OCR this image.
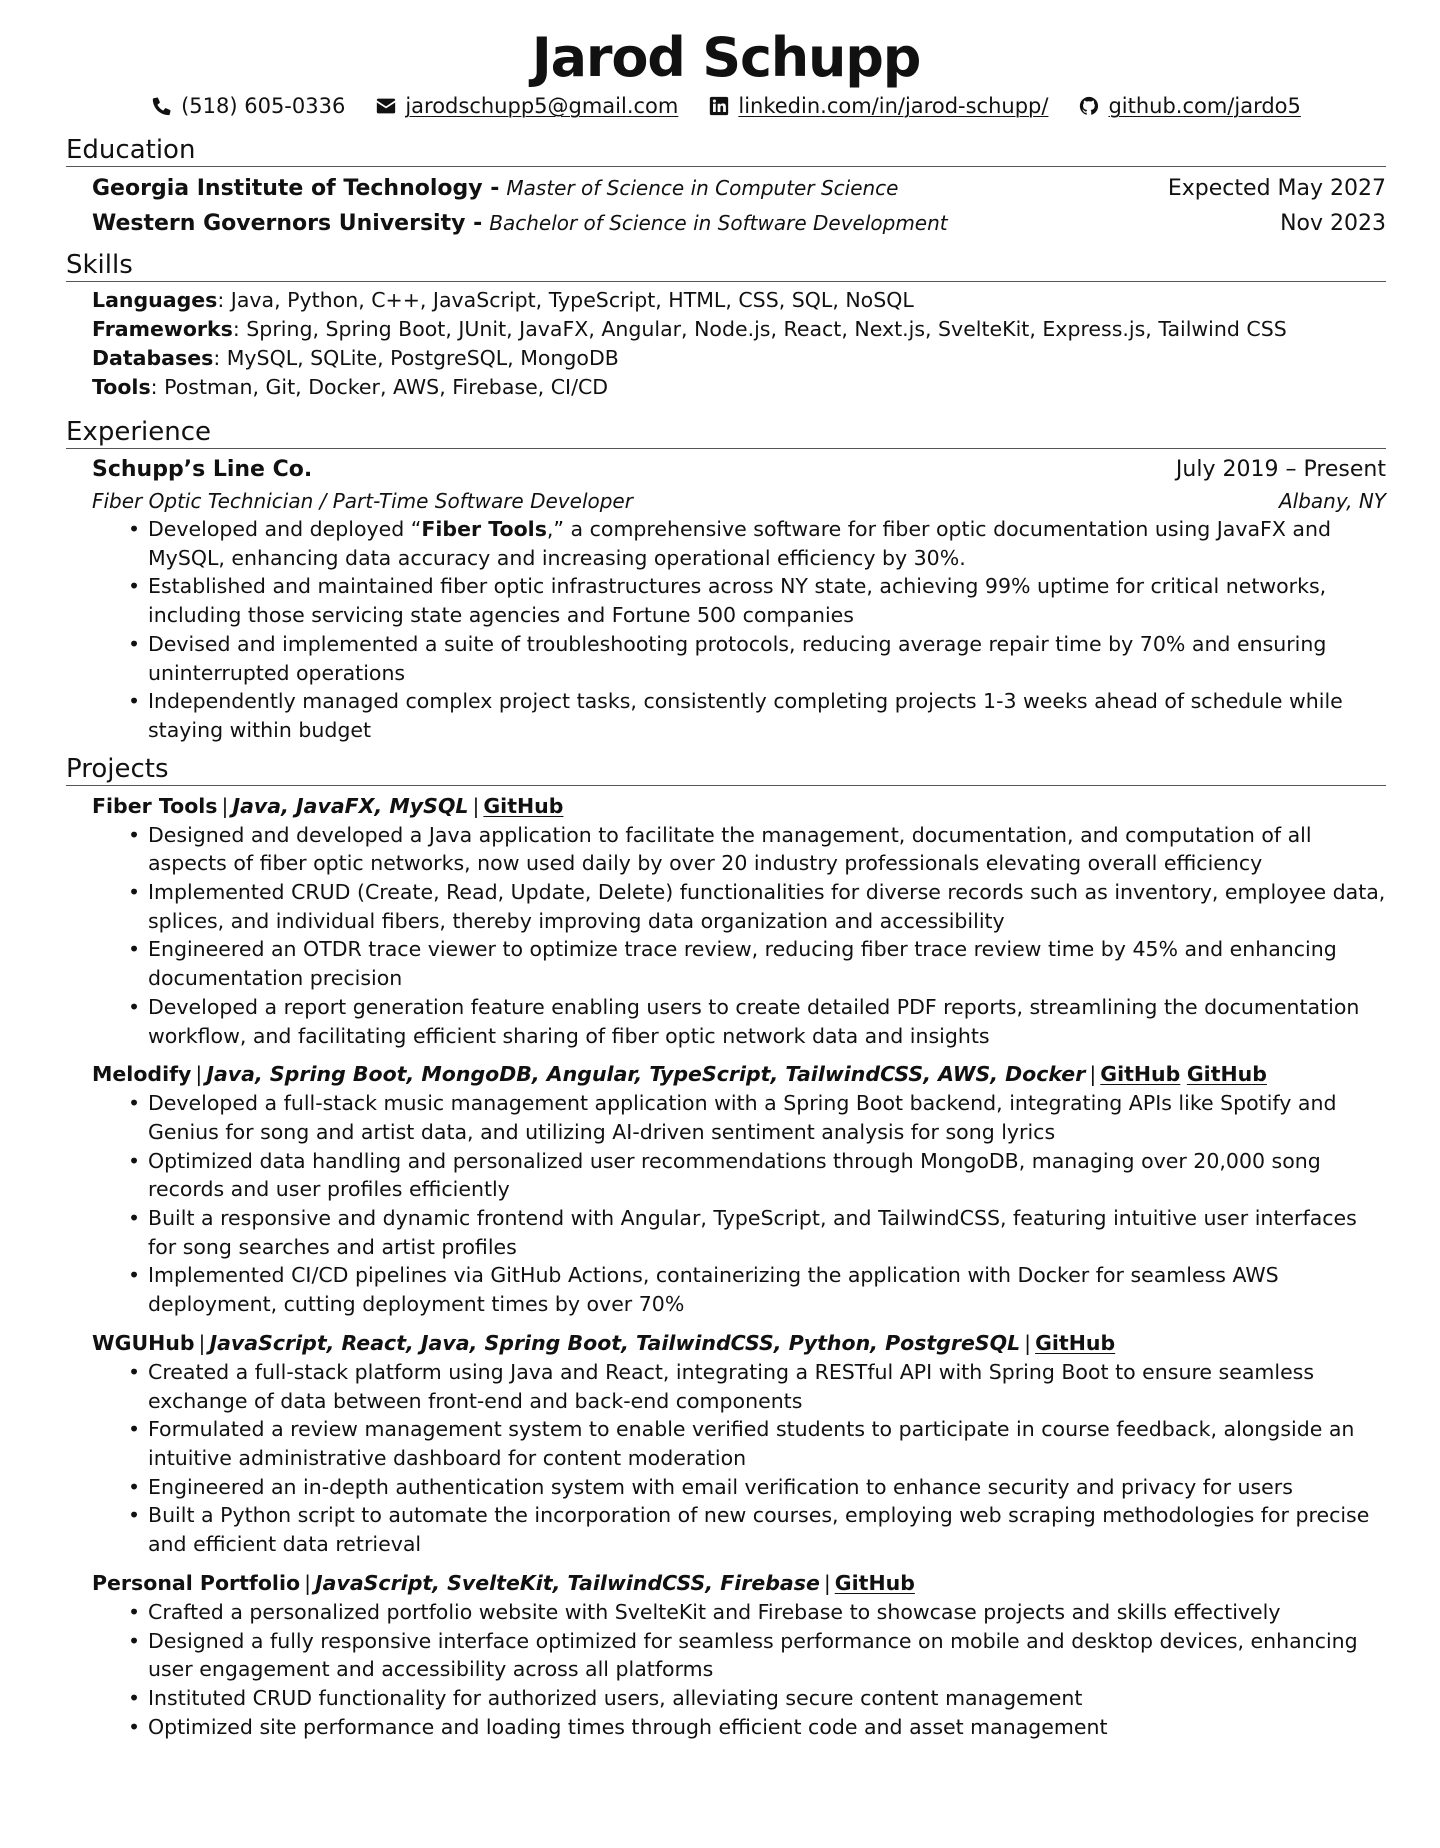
Jarod Schupp
(518) 605-0336	jarodschupp5@gmail.com	linkedin.com/in/jarod-schupp/	github.com/jardo5
Education
Georgia Institute of Technology - Master of Science in Computer Science	Expected May 2027
Western Governors University - Bachelor of Science in Software Development	Nov 2023
Skills
Languages: Java, Python, C++, JavaScript, TypeScript, HTML, CSS, SQL, NoSQL
Frameworks: Spring, Spring Boot, JUnit, JavaFX, Angular, Node.js, React, Next.js, SvelteKit, Express.js, Tailwind CSS
Databases: MySQL, SQLite, PostgreSQL, MongoDB
Tools: Postman, Git, Docker, AWS, Firebase, CI/CD
Experience
Schupp’s Line Co.	July 2019 – Present
Fiber Optic Technician / Part-Time Software Developer	Albany, NY
• Developed and deployed “Fiber Tools,” a comprehensive software for fiber optic documentation using JavaFX and MySQL, enhancing data accuracy and increasing operational efficiency by 30%.
• Established and maintained fiber optic infrastructures across NY state, achieving 99% uptime for critical networks, including those servicing state agencies and Fortune 500 companies
• Devised and implemented a suite of troubleshooting protocols, reducing average repair time by 70% and ensuring uninterrupted operations
• Independently managed complex project tasks, consistently completing projects 1-3 weeks ahead of schedule while staying within budget
Projects
Fiber Tools | Java, JavaFX, MySQL | GitHub
• Designed and developed a Java application to facilitate the management, documentation, and computation of all aspects of fiber optic networks, now used daily by over 20 industry professionals elevating overall efficiency
• Implemented CRUD (Create, Read, Update, Delete) functionalities for diverse records such as inventory, employee data, splices, and individual fibers, thereby improving data organization and accessibility
• Engineered an OTDR trace viewer to optimize trace review, reducing fiber trace review time by 45% and enhancing documentation precision
• Developed a report generation feature enabling users to create detailed PDF reports, streamlining the documentation workflow, and facilitating efficient sharing of fiber optic network data and insights
Melodify | Java, Spring Boot, MongoDB, Angular, TypeScript, TailwindCSS, AWS, Docker | GitHub GitHub
• Developed a full-stack music management application with a Spring Boot backend, integrating APIs like Spotify and Genius for song and artist data, and utilizing AI-driven sentiment analysis for song lyrics
• Optimized data handling and personalized user recommendations through MongoDB, managing over 20,000 song records and user profiles efficiently
• Built a responsive and dynamic frontend with Angular, TypeScript, and TailwindCSS, featuring intuitive user interfaces for song searches and artist profiles
• Implemented CI/CD pipelines via GitHub Actions, containerizing the application with Docker for seamless AWS deployment, cutting deployment times by over 70%
WGUHub | JavaScript, React, Java, Spring Boot, TailwindCSS, Python, PostgreSQL | GitHub
• Created a full-stack platform using Java and React, integrating a RESTful API with Spring Boot to ensure seamless exchange of data between front-end and back-end components
• Formulated a review management system to enable verified students to participate in course feedback, alongside an intuitive administrative dashboard for content moderation
• Engineered an in-depth authentication system with email verification to enhance security and privacy for users
• Built a Python script to automate the incorporation of new courses, employing web scraping methodologies for precise and efficient data retrieval
Personal Portfolio | JavaScript, SvelteKit, TailwindCSS, Firebase | GitHub
• Crafted a personalized portfolio website with SvelteKit and Firebase to showcase projects and skills effectively
• Designed a fully responsive interface optimized for seamless performance on mobile and desktop devices, enhancing user engagement and accessibility across all platforms
• Instituted CRUD functionality for authorized users, alleviating secure content management
• Optimized site performance and loading times through efficient code and asset management
